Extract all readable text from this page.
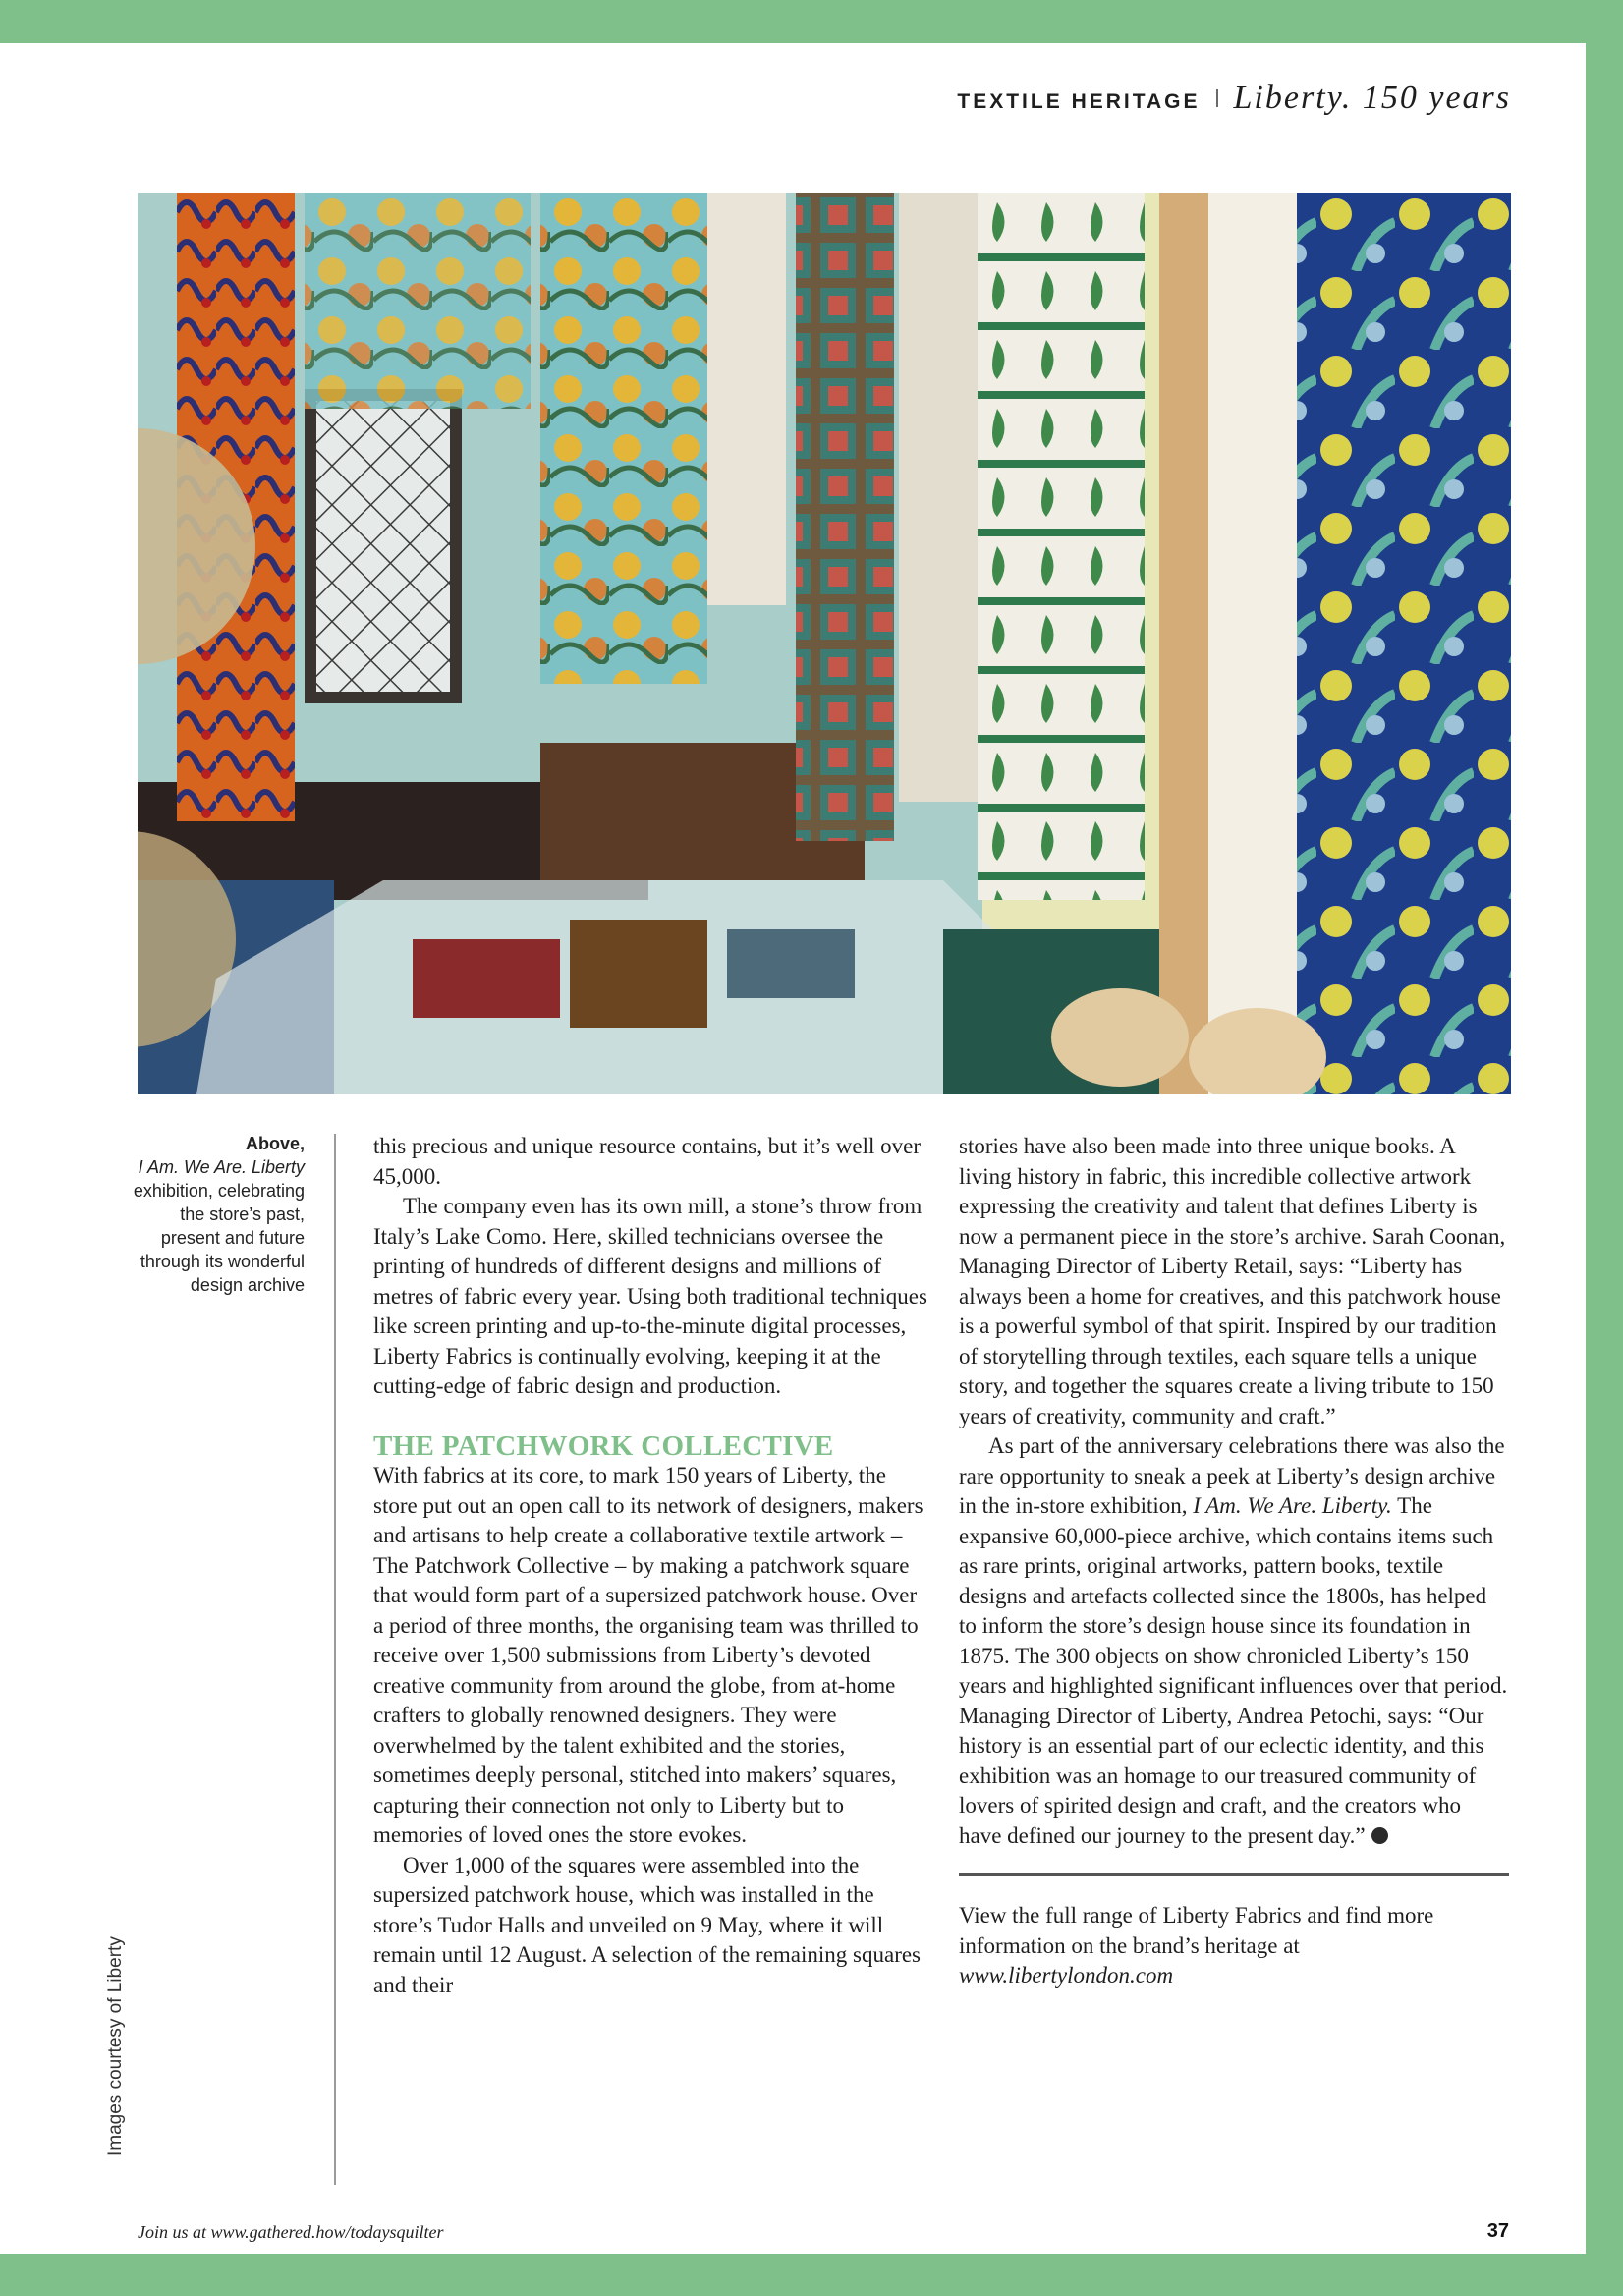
TEXTILE HERITAGE Liberty. 150 years
Above,
I Am. We Are. Liberty exhibition, celebrating the store’s past, present and future through its wonderful design archive
Images courtesy of Liberty

this precious and unique resource contains, but it’s well over 45,000.

The company even has its own mill, a stone’s throw from Italy’s Lake Como. Here, skilled technicians oversee the printing of hundreds of different designs and millions of metres of fabric every year. Using both traditional techniques like screen printing and up-to-the-minute digital processes, Liberty Fabrics is continually evolving, keeping it at the cutting-edge of fabric design and production.

THE PATCHWORK COLLECTIVE

With fabrics at its core, to mark 150 years of Liberty, the store put out an open call to its network of designers, makers and artisans to help create a collaborative textile artwork – The Patchwork Collective – by making a patchwork square that would form part of a supersized patchwork house. Over a period of three months, the organising team was thrilled to receive over 1,500 submissions from Liberty’s devoted creative community from around the globe, from at-home crafters to globally renowned designers. They were overwhelmed by the talent exhibited and the stories, sometimes deeply personal, stitched into makers’ squares, capturing their connection not only to Liberty but to memories of loved ones the store evokes.

Over 1,000 of the squares were assembled into the supersized patchwork house, which was installed in the store’s Tudor Halls and unveiled on 9 May, where it will remain until 12 August. A selection of the remaining squares and their

stories have also been made into three unique books. A living history in fabric, this incredible collective artwork expressing the creativity and talent that defines Liberty is now a permanent piece in the store’s archive. Sarah Coonan, Managing Director of Liberty Retail, says: “Liberty has always been a home for creatives, and this patchwork house is a powerful symbol of that spirit. Inspired by our tradition of storytelling through textiles, each square tells a unique story, and together the squares create a living tribute to 150 years of creativity, community and craft.”

As part of the anniversary celebrations there was also the rare opportunity to sneak a peek at Liberty’s design archive in the in-store exhibition, I Am. We Are. Liberty. The expansive 60,000-piece archive, which contains items such as rare prints, original artworks, pattern books, textile designs and artefacts collected since the 1800s, has helped to inform the store’s design house since its foundation in 1875. The 300 objects on show chronicled Liberty’s 150 years and highlighted significant influences over that period. Managing Director of Liberty, Andrea Petochi, says: “Our history is an essential part of our eclectic identity, and this exhibition was an homage to our treasured community of lovers of spirited design and craft, and the creators who have defined our journey to the present day.”

View the full range of Liberty Fabrics and find more information on the brand’s heritage at www.libertylondon.com

Join us at www.gathered.how/todaysquilter	37
